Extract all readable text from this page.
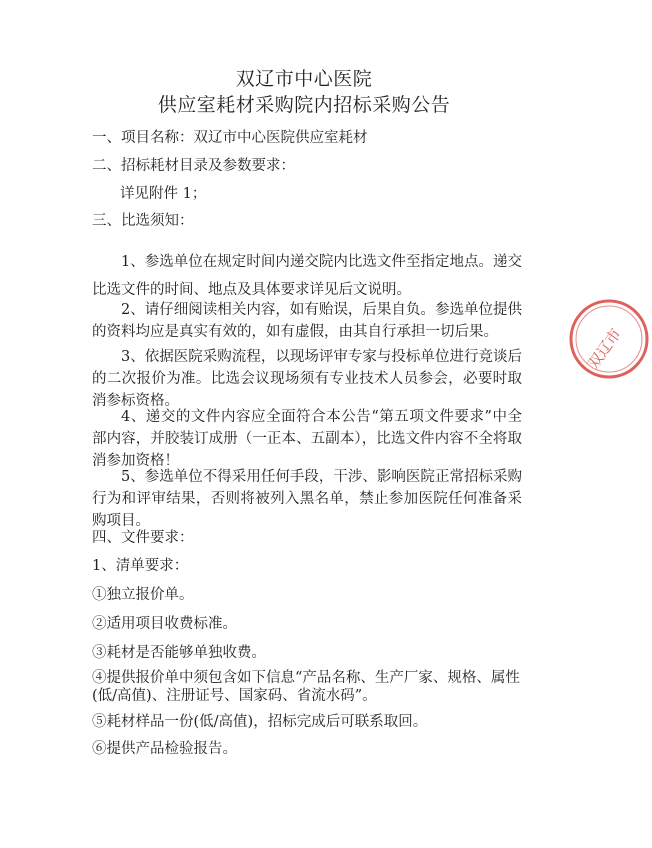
双辽市中心医院
供应室耗材采购院内招标采购公告
一、项目名称：双辽市中心医院供应室耗材
二、招标耗材目录及参数要求：
详见附件 1；
三、比选须知：
1、参选单位在规定时间内递交院内比选文件至指定地点。递交比选文件的时间、地点及具体要求详见后文说明。
2、请仔细阅读相关内容，如有贻误，后果自负。参选单位提供的资料均应是真实有效的，如有虚假，由其自行承担一切后果。
3、依据医院采购流程，以现场评审专家与投标单位进行竞谈后的二次报价为准。比选会议现场须有专业技术人员参会，必要时取消参标资格。
4、递交的文件内容应全面符合本公告“第五项文件要求”中全部内容，并胶装订成册（一正本、五副本），比选文件内容不全将取消参加资格！
5、参选单位不得采用任何手段，干涉、影响医院正常招标采购行为和评审结果，否则将被列入黑名单，禁止参加医院任何准备采购项目。
四、文件要求：
1、清单要求：
①独立报价单。
②适用项目收费标准。
③耗材是否能够单独收费。
④提供报价单中须包含如下信息“产品名称、生产厂家、规格、属性
(低/高值)、注册证号、国家码、省流水码”。
⑤耗材样品一份(低/高值)，招标完成后可联系取回。
⑥提供产品检验报告。
双辽市
